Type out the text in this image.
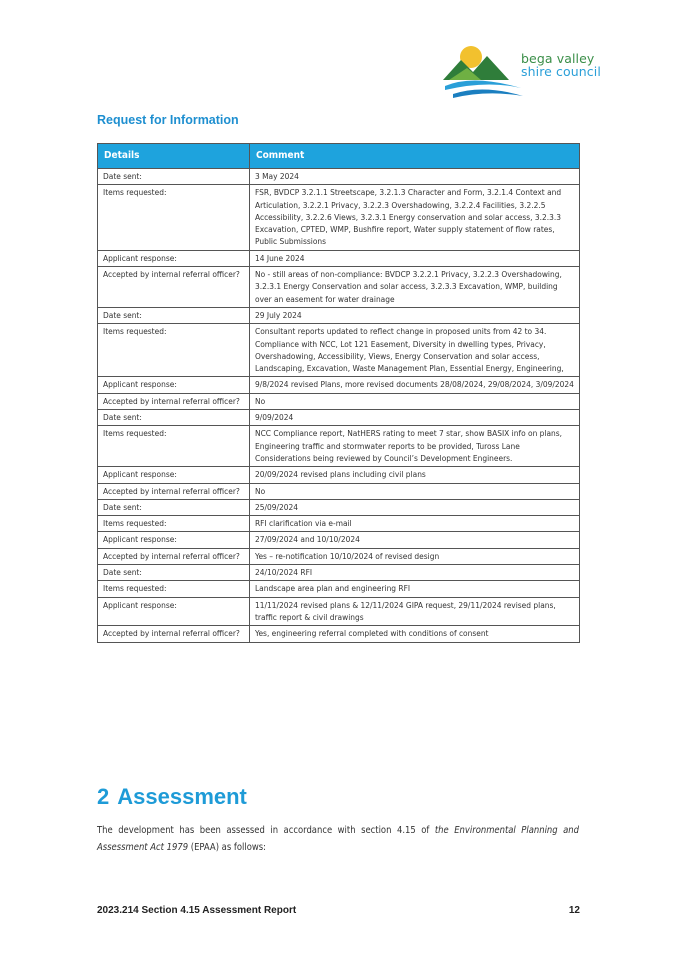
bega valley
shire council
Request for Information
Details	Comment
Date sent:	3 May 2024
Items requested:	FSR, BVDCP 3.2.1.1 Streetscape, 3.2.1.3 Character and Form, 3.2.1.4 Context and Articulation, 3.2.2.1 Privacy, 3.2.2.3 Overshadowing, 3.2.2.4 Facilities, 3.2.2.5 Accessibility, 3.2.2.6 Views, 3.2.3.1 Energy conservation and solar access, 3.2.3.3 Excavation, CPTED, WMP, Bushfire report, Water supply statement of flow rates, Public Submissions
Applicant response:	14 June 2024
Accepted by internal referral officer?	No - still areas of non-compliance: BVDCP 3.2.2.1 Privacy, 3.2.2.3 Overshadowing, 3.2.3.1 Energy Conservation and solar access, 3.2.3.3 Excavation, WMP, building over an easement for water drainage
Date sent:	29 July 2024
Items requested:	Consultant reports updated to reflect change in proposed units from 42 to 34. Compliance with NCC, Lot 121 Easement, Diversity in dwelling types, Privacy, Overshadowing, Accessibility, Views, Energy Conservation and solar access, Landscaping, Excavation, Waste Management Plan, Essential Energy, Engineering,
Applicant response:	9/8/2024 revised Plans, more revised documents 28/08/2024, 29/08/2024, 3/09/2024
Accepted by internal referral officer?	No
Date sent:	9/09/2024
Items requested:	NCC Compliance report, NatHERS rating to meet 7 star, show BASIX info on plans, Engineering traffic and stormwater reports to be provided, Tuross Lane Considerations being reviewed by Council’s Development Engineers.
Applicant response:	20/09/2024 revised plans including civil plans
Accepted by internal referral officer?	No
Date sent:	25/09/2024
Items requested:	RFI clarification via e-mail
Applicant response:	27/09/2024 and 10/10/2024
Accepted by internal referral officer?	Yes – re-notification 10/10/2024 of revised design
Date sent:	24/10/2024 RFI
Items requested:	Landscape area plan and engineering RFI
Applicant response:	11/11/2024 revised plans & 12/11/2024 GIPA request, 29/11/2024 revised plans, traffic report & civil drawings
Accepted by internal referral officer?	Yes, engineering referral completed with conditions of consent
2 Assessment

The development has been assessed in accordance with section 4.15 of the Environmental Planning and Assessment Act 1979 (EPAA) as follows:

2023.214 Section 4.15 Assessment Report	12
